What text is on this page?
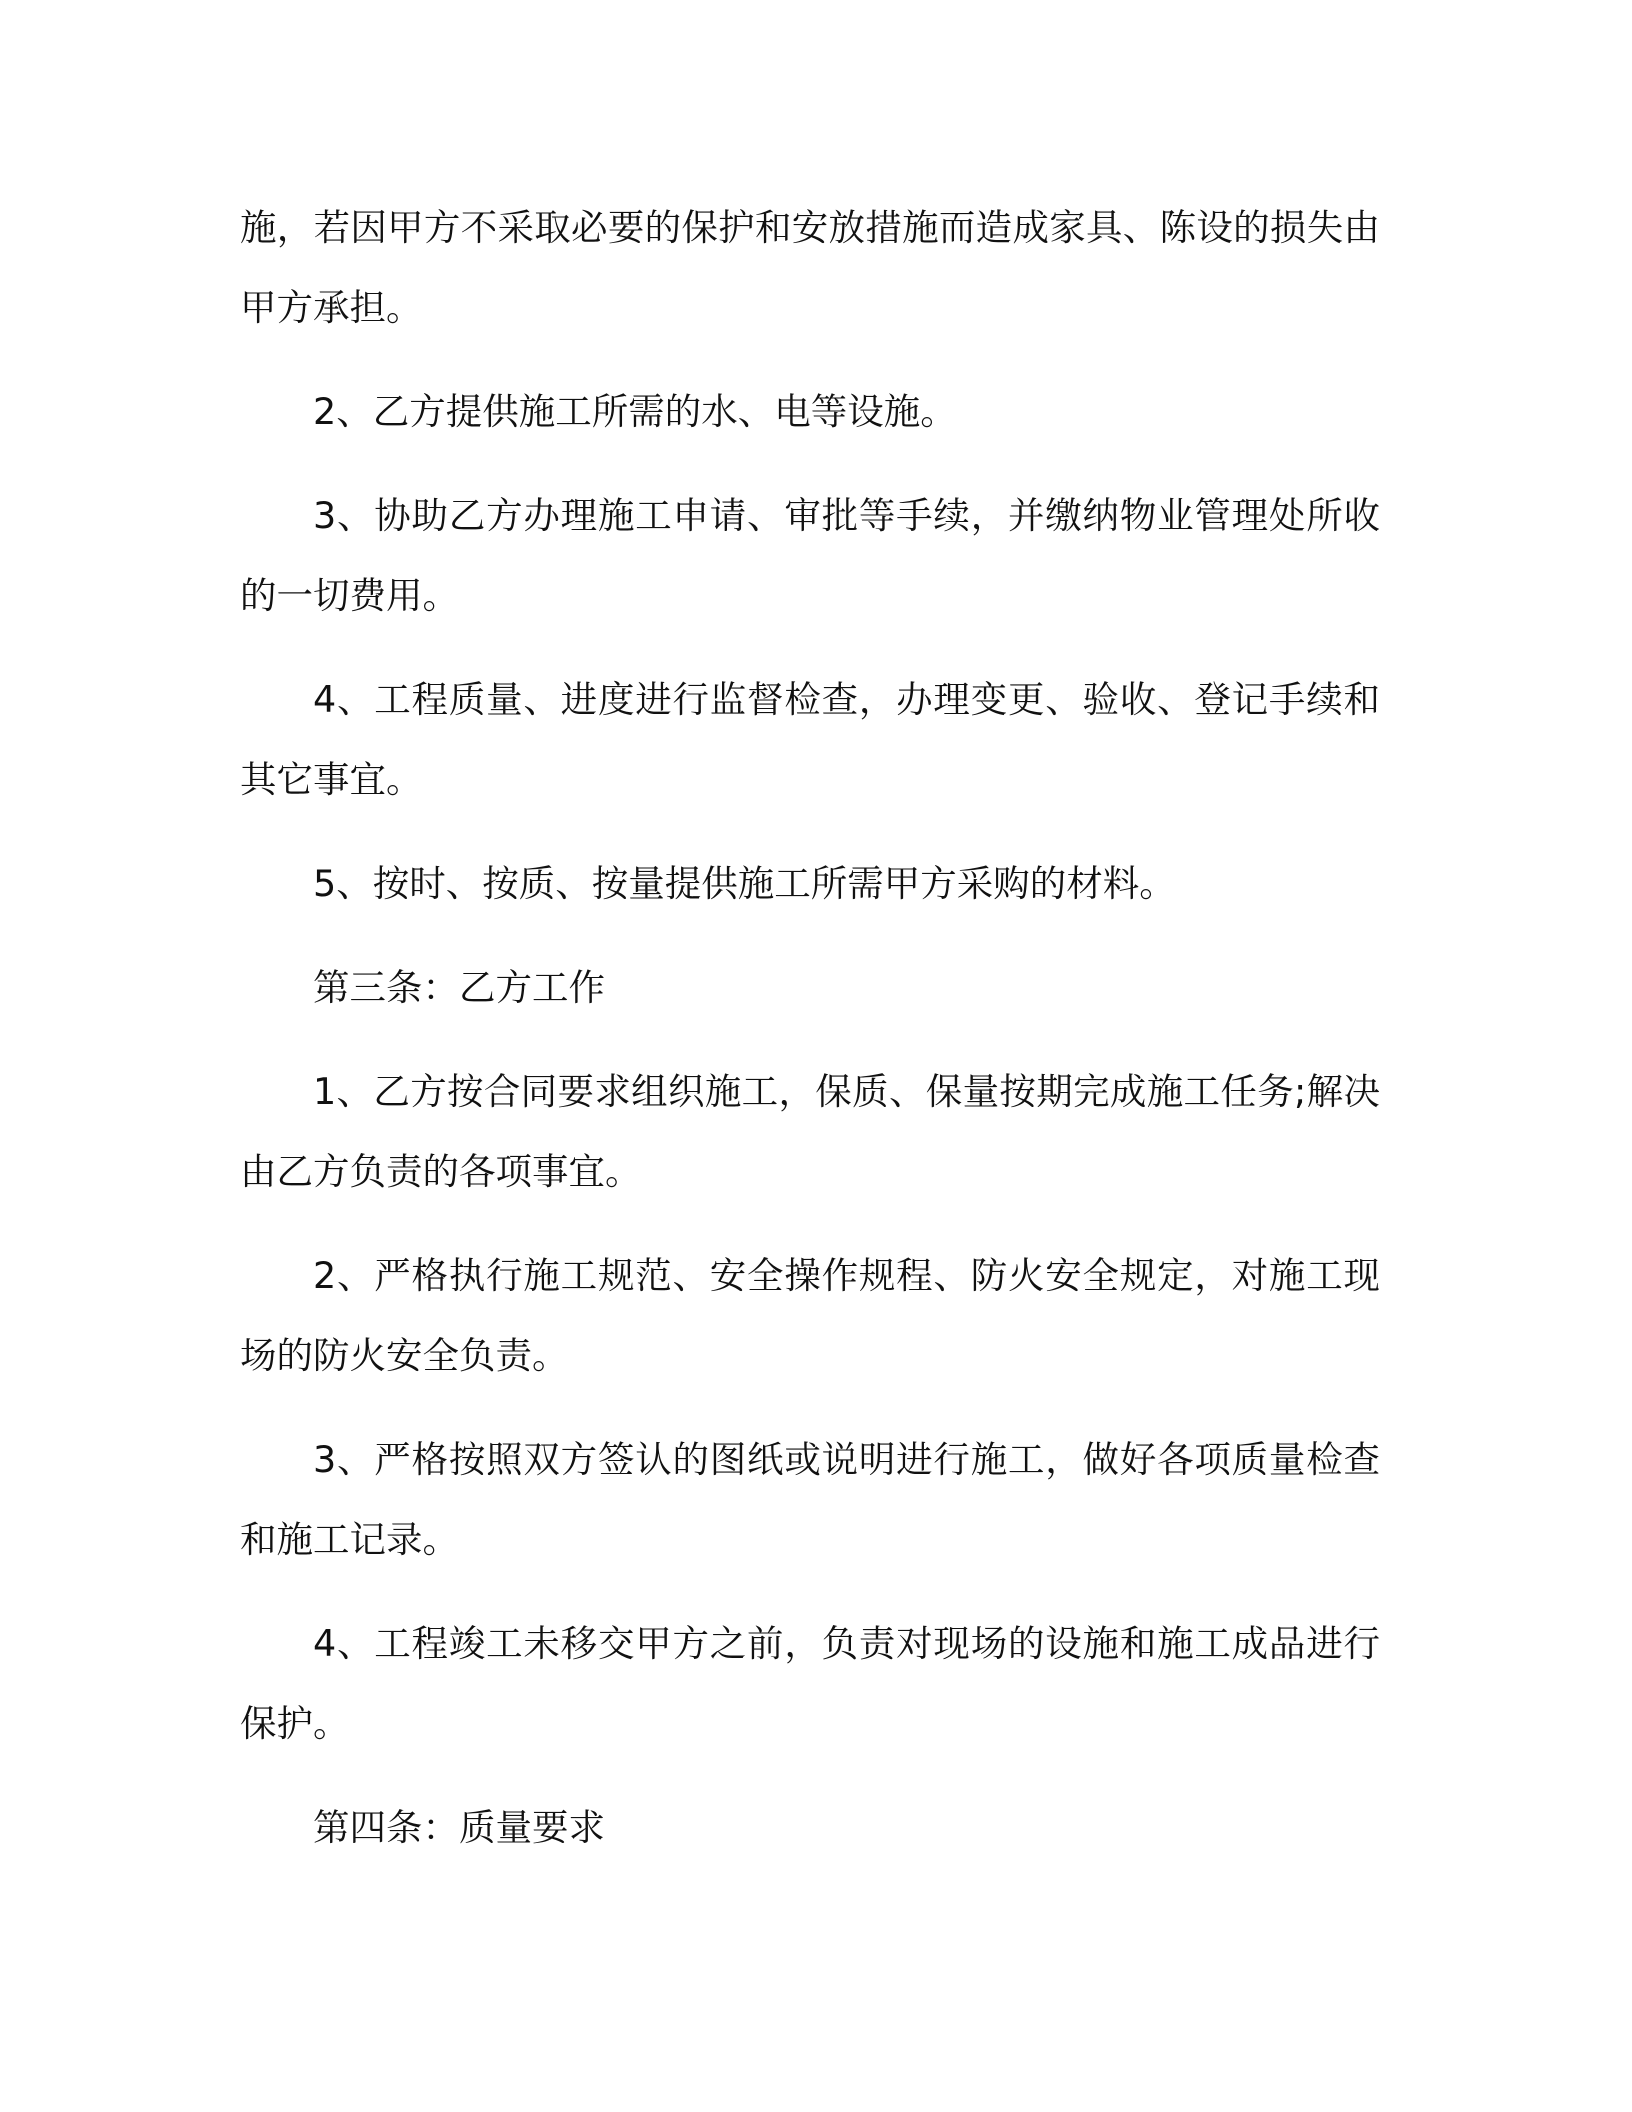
施，若因甲方不采取必要的保护和安放措施而造成家具、陈设的损失由甲方承担。

2、乙方提供施工所需的水、电等设施。

3、协助乙方办理施工申请、审批等手续，并缴纳物业管理处所收的一切费用。

4、工程质量、进度进行监督检查，办理变更、验收、登记手续和其它事宜。

5、按时、按质、按量提供施工所需甲方采购的材料。

第三条：乙方工作

1、乙方按合同要求组织施工，保质、保量按期完成施工任务;解决由乙方负责的各项事宜。

2、严格执行施工规范、安全操作规程、防火安全规定，对施工现场的防火安全负责。

3、严格按照双方签认的图纸或说明进行施工，做好各项质量检查和施工记录。

4、工程竣工未移交甲方之前，负责对现场的设施和施工成品进行保护。

第四条：质量要求
